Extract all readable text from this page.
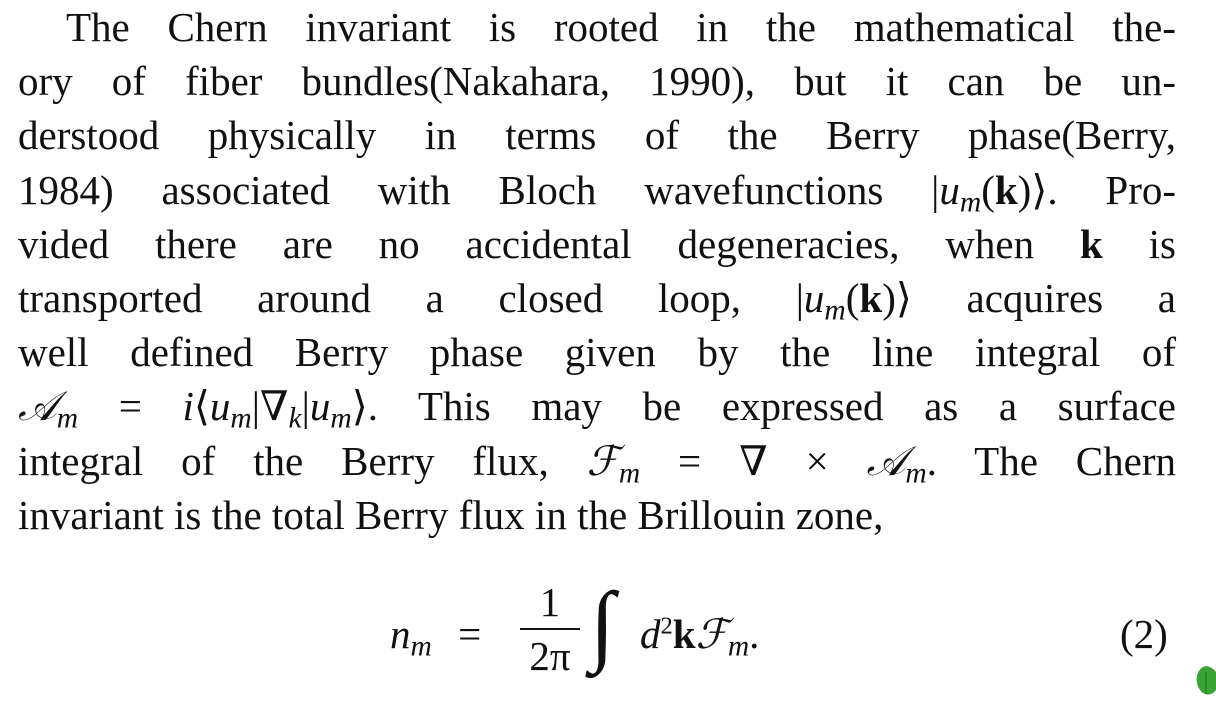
The Chern invariant is rooted in the mathematical the-
ory of fiber bundles(Nakahara, 1990), but it can be un-
derstood physically in terms of the Berry phase(Berry,
1984) associated with Bloch wavefunctions $|u_m(k)⟩$. Pro-
vided there are no accidental degeneracies, when k is
transported around a closed loop, $|u_m(k)⟩$ acquires a
well defined Berry phase given by the line integral of
𝒜$_m$ = $i⟨u_m|\nabla_k|u_m⟩$. This may be expressed as a surface
integral of the Berry flux, ℱ$_m$ = ∇ × 𝒜$_m$. The Chern
invariant is the total Berry flux in the Brillouin zone,
$n_m$ =
1
2π ∫ $d^2kℱ_m$.	(2)
